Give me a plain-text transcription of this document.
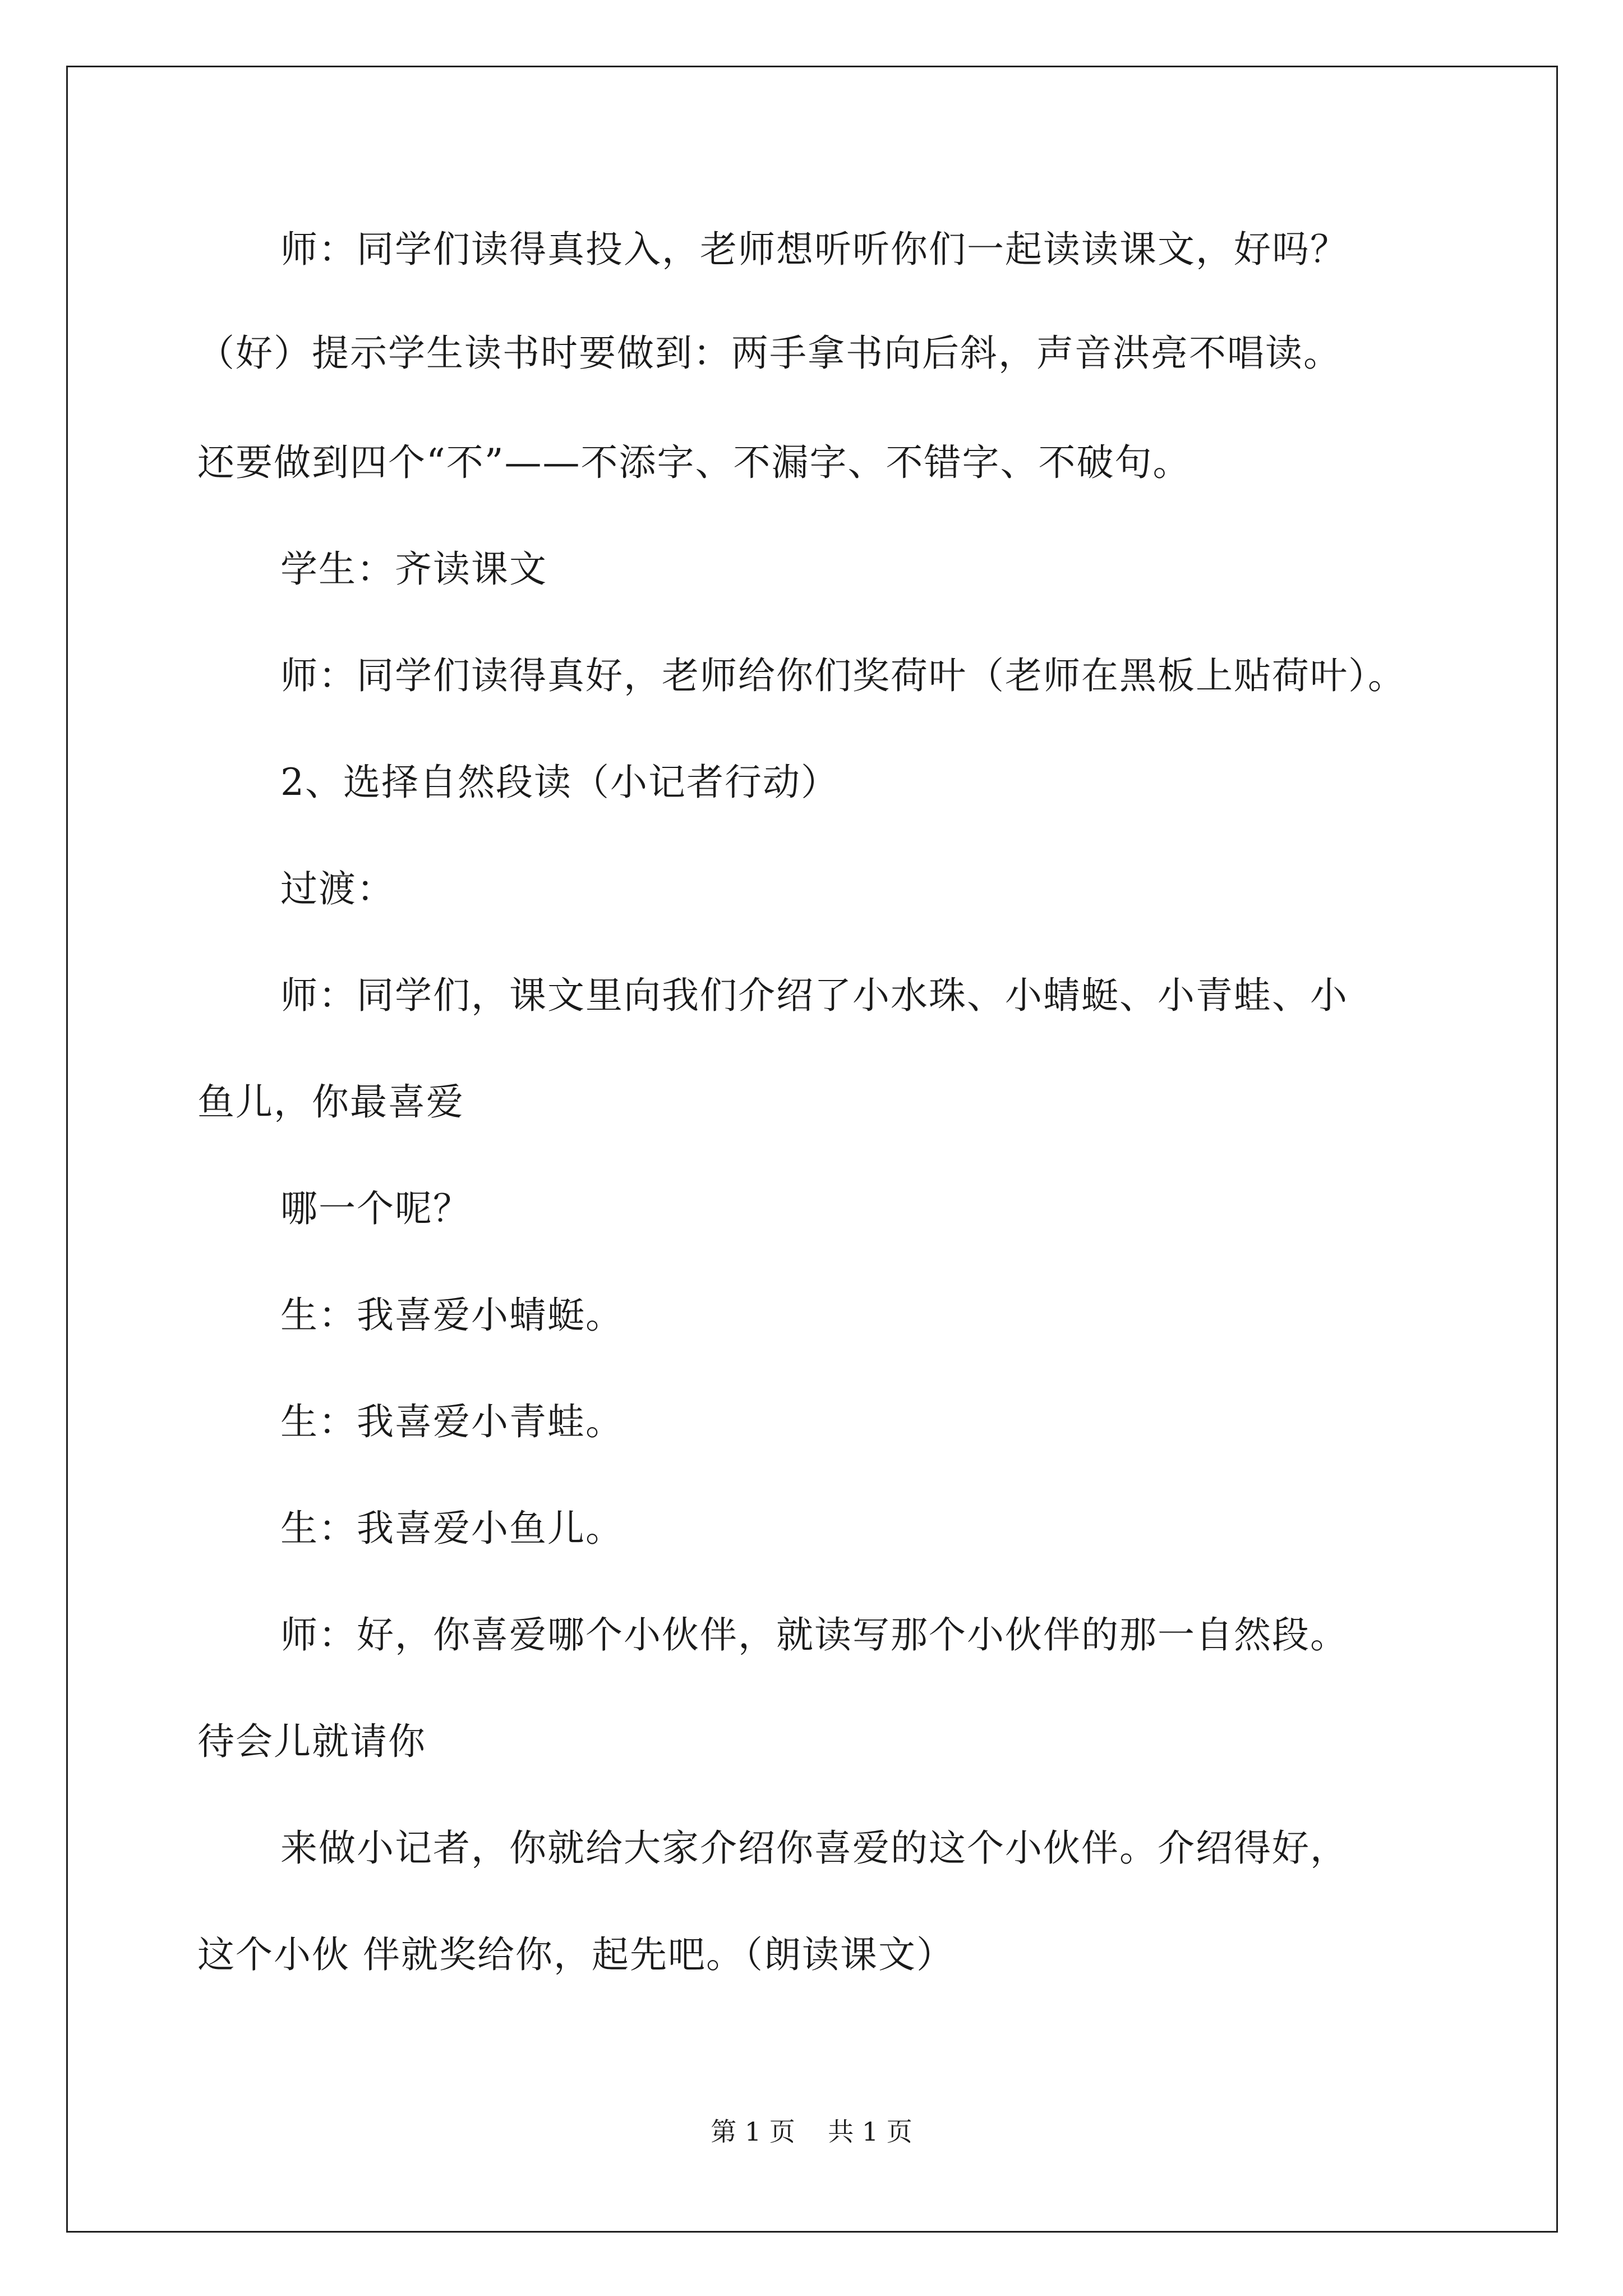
师：同学们读得真投入，老师想听听你们一起读读课文，好吗？
（好）提示学生读书时要做到：两手拿书向后斜，声音洪亮不唱读。
还要做到四个“不”——不添字、不漏字、不错字、不破句。
学生：齐读课文
师：同学们读得真好，老师给你们奖荷叶（老师在黑板上贴荷叶）。
2、选择自然段读（小记者行动）
过渡：
师：同学们，课文里向我们介绍了小水珠、小蜻蜓、小青蛙、小
鱼儿，你最喜爱
哪一个呢？
生：我喜爱小蜻蜓。
生：我喜爱小青蛙。
生：我喜爱小鱼儿。
师：好，你喜爱哪个小伙伴，就读写那个小伙伴的那一自然段。
待会儿就请你
来做小记者，你就给大家介绍你喜爱的这个小伙伴。介绍得好，
这个小伙 伴就奖给你，起先吧。（朗读课文）
第 1 页    共 1 页
